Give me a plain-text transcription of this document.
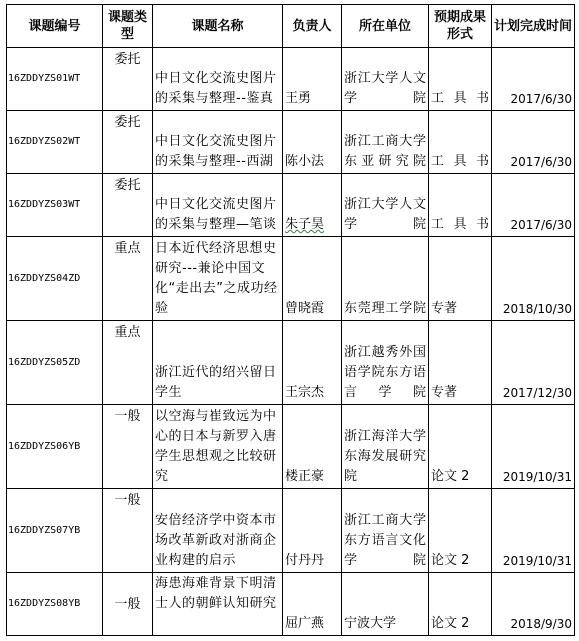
课题编号	课题类型	课题名称	负责人	所在单位	预期成果形式	计划完成时间
16ZDDYZS01WT	委托	中日文化交流史图片的采集与整理--鉴真	王勇	浙江大学人文学院	工 具 书	2017/6/30
16ZDDYZS02WT	委托	中日文化交流史图片的采集与整理--西湖	陈小法	浙江工商大学东亚研究院	工 具 书	2017/6/30
16ZDDYZS03WT	委托	中日文化交流史图片的采集与整理—笔谈	朱子昊	浙江大学人文学院	工 具 书	2017/6/30
16ZDDYZS04ZD	重点	日本近代经济思想史研究---兼论中国文化“走出去”之成功经验	曾晓霞	东莞理工学院	专著	2018/10/30
16ZDDYZS05ZD	重点	浙江近代的绍兴留日学生	王宗杰	浙江越秀外国语学院东方语言学院	专著	2017/12/30
16ZDDYZS06YB	一般	以空海与崔致远为中心的日本与新罗入唐学生思想观之比较研究	楼正豪	浙江海洋大学东海发展研究院	论文 2	2019/10/31
16ZDDYZS07YB	一般	安倍经济学中资本市场改革新政对浙商企业构建的启示	付丹丹	浙江工商大学东方语言文化学院	论文 2	2019/10/31
16ZDDYZS08YB	一般	海患海难背景下明清士人的朝鲜认知研究	屈广燕	宁波大学	论文 2	2018/9/30
